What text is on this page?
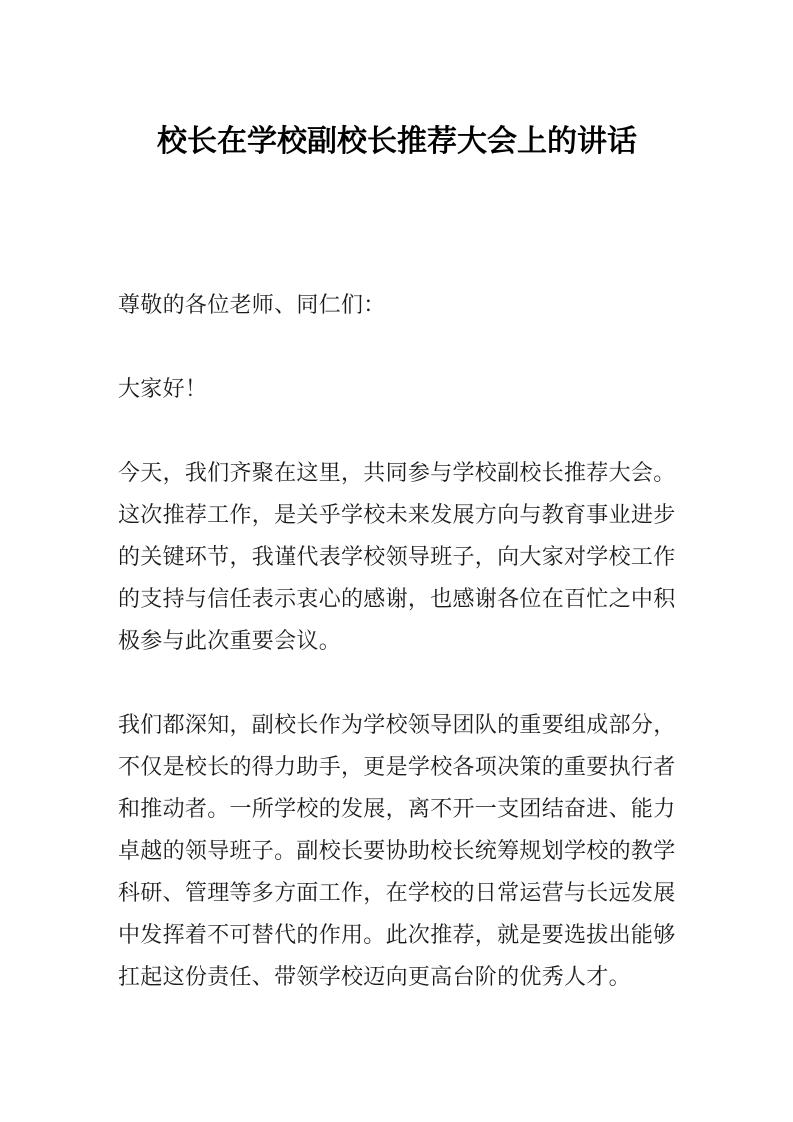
校长在学校副校长推荐大会上的讲话

尊敬的各位老师、同仁们：

大家好！

今天，我们齐聚在这里，共同参与学校副校长推荐大会。这次推荐工作，是关乎学校未来发展方向与教育事业进步的关键环节，我谨代表学校领导班子，向大家对学校工作的支持与信任表示衷心的感谢，也感谢各位在百忙之中积极参与此次重要会议。

我们都深知，副校长作为学校领导团队的重要组成部分，不仅是校长的得力助手，更是学校各项决策的重要执行者和推动者。一所学校的发展，离不开一支团结奋进、能力卓越的领导班子。副校长要协助校长统筹规划学校的教学科研、管理等多方面工作，在学校的日常运营与长远发展中发挥着不可替代的作用。此次推荐，就是要选拔出能够扛起这份责任、带领学校迈向更高台阶的优秀人才。
